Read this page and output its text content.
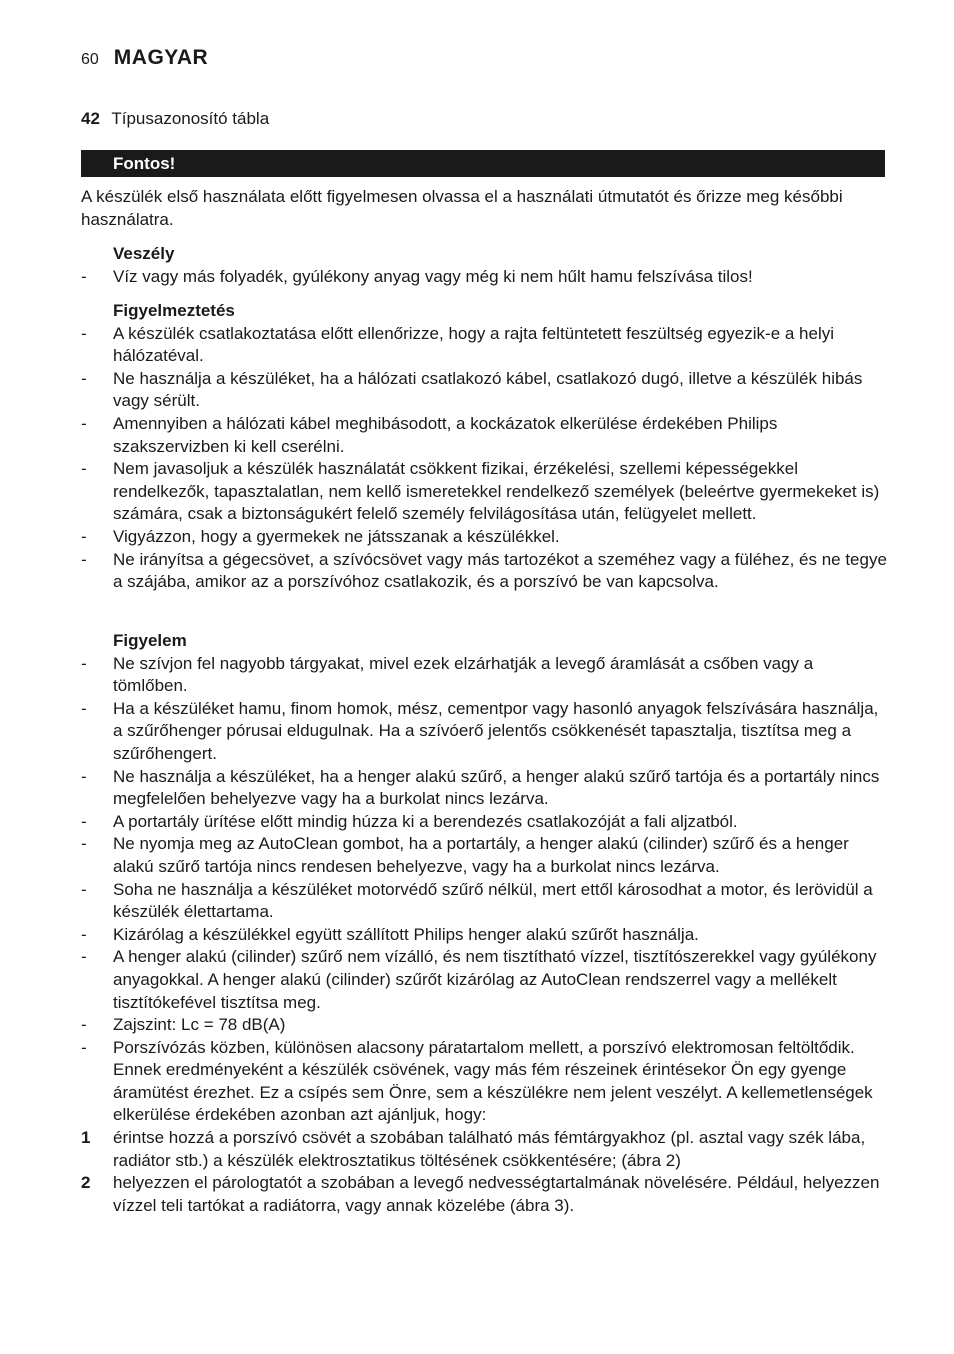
60 MAGYAR
42 Típusazonosító tábla
Fontos!
A készülék első használata előtt figyelmesen olvassa el a használati útmutatót és őrizze meg későbbi használatra.
Veszély
-	Víz vagy más folyadék, gyúlékony anyag vagy még ki nem hűlt hamu felszívása tilos!
Figyelmeztetés
-	A készülék csatlakoztatása előtt ellenőrizze, hogy a rajta feltüntetett feszültség egyezik-e a helyi hálózatéval.
-	Ne használja a készüléket, ha a hálózati csatlakozó kábel, csatlakozó dugó, illetve a készülék hibás vagy sérült.
-	Amennyiben a hálózati kábel meghibásodott, a kockázatok elkerülése érdekében Philips szakszervizben ki kell cserélni.
-	Nem javasoljuk a készülék használatát csökkent fizikai, érzékelési, szellemi képességekkel rendelkezők, tapasztalatlan, nem kellő ismeretekkel rendelkező személyek (beleértve gyermekeket is) számára, csak a biztonságukért felelő személy felvilágosítása után, felügyelet mellett.
-	Vigyázzon, hogy a gyermekek ne játsszanak a készülékkel.
-	Ne irányítsa a gégecsövet, a szívócsövet vagy más tartozékot a szeméhez vagy a füléhez, és ne tegye a szájába, amikor az a porszívóhoz csatlakozik, és a porszívó be van kapcsolva.
Figyelem
-	Ne szívjon fel nagyobb tárgyakat, mivel ezek elzárhatják a levegő áramlását a csőben vagy a tömlőben.
-	Ha a készüléket hamu, finom homok, mész, cementpor vagy hasonló anyagok felszívására használja, a szűrőhenger pórusai eldugulnak. Ha a szívóerő jelentős csökkenését tapasztalja, tisztítsa meg a szűrőhengert.
-	Ne használja a készüléket, ha a henger alakú szűrő, a henger alakú szűrő tartója és a portartály nincs megfelelően behelyezve vagy ha a burkolat nincs lezárva.
-	A portartály ürítése előtt mindig húzza ki a berendezés csatlakozóját a fali aljzatból.
-	Ne nyomja meg az AutoClean gombot, ha a portartály, a henger alakú (cilinder) szűrő és a henger alakú szűrő tartója nincs rendesen behelyezve, vagy ha a burkolat nincs lezárva.
-	Soha ne használja a készüléket motorvédő szűrő nélkül, mert ettől károsodhat a motor, és lerövidül a készülék élettartama.
-	Kizárólag a készülékkel együtt szállított Philips henger alakú szűrőt használja.
-	A henger alakú (cilinder) szűrő nem vízálló, és nem tisztítható vízzel, tisztítószerekkel vagy gyúlékony anyagokkal. A henger alakú (cilinder) szűrőt kizárólag az AutoClean rendszerrel vagy a mellékelt tisztítókefével tisztítsa meg.
-	Zajszint: Lc = 78 dB(A)
-	Porszívózás közben, különösen alacsony páratartalom mellett, a porszívó elektromosan feltöltődik. Ennek eredményeként a készülék csövének, vagy más fém részeinek érintésekor Ön egy gyenge áramütést érezhet. Ez a csípés sem Önre, sem a készülékre nem jelent veszélyt. A kellemetlenségek elkerülése érdekében azonban azt ajánljuk, hogy:
1	érintse hozzá a porszívó csövét a szobában található más fémtárgyakhoz (pl. asztal vagy szék lába, radiátor stb.) a készülék elektrosztatikus töltésének csökkentésére; (ábra 2)
2	helyezzen el párologtatót a szobában a levegő nedvességtartalmának növelésére. Például, helyezzen vízzel teli tartókat a radiátorra, vagy annak közelébe (ábra 3).
